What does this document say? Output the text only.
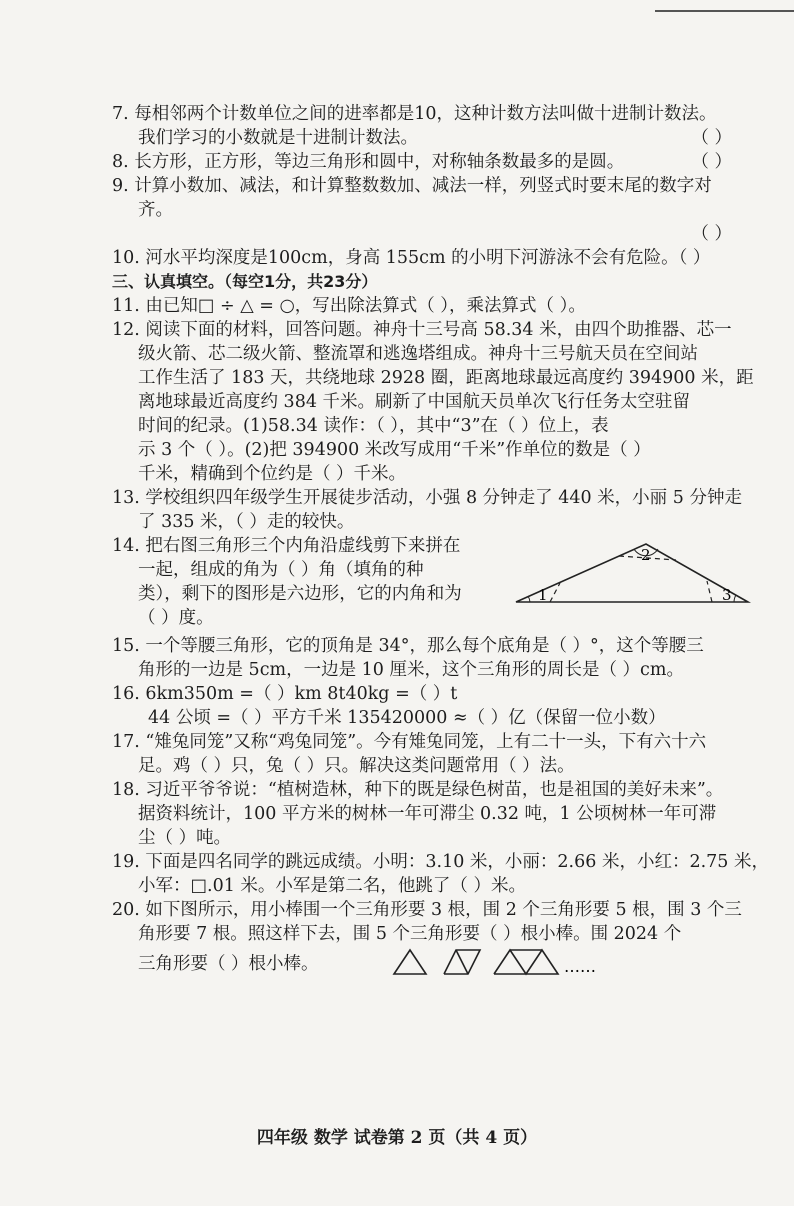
7. 每相邻两个计数单位之间的进率都是10，这种计数方法叫做十进制计数法。
我们学习的小数就是十进制计数法。	（ ）
8. 长方形，正方形，等边三角形和圆中，对称轴条数最多的是圆。	（ ）
9. 计算小数加、减法，和计算整数数加、减法一样，列竖式时要末尾的数字对
齐。
（ ）
10. 河水平均深度是100cm，身高 155cm 的小明下河游泳不会有危险。（ ）
三、认真填空。（每空1分，共23分）
11. 由已知□ ÷ △ = ○，写出除法算式（ ），乘法算式（ ）。
12. 阅读下面的材料，回答问题。神舟十三号高 58.34 米，由四个助推器、芯一
级火箭、芯二级火箭、整流罩和逃逸塔组成。神舟十三号航天员在空间站
工作生活了 183 天，共绕地球 2928 圈，距离地球最远高度约 394900 米，距
离地球最近高度约 384 千米。刷新了中国航天员单次飞行任务太空驻留
时间的纪录。(1)58.34 读作：（ ），其中“3”在（ ）位上，表
示 3 个（ ）。(2)把 394900 米改写成用“千米”作单位的数是（ ）
千米，精确到个位约是（ ）千米。
13. 学校组织四年级学生开展徒步活动，小强 8 分钟走了 440 米，小丽 5 分钟走
了 335 米，（ ）走的较快。
14. 把右图三角形三个内角沿虚线剪下来拼在
一起，组成的角为（ ）角（填角的种
类），剩下的图形是六边形，它的内角和为
（ ）度。
1
2
3
15. 一个等腰三角形，它的顶角是 34°，那么每个底角是（ ）°，这个等腰三
角形的一边是 5cm，一边是 10 厘米，这个三角形的周长是（ ）cm。
16. 6km350m =（ ）km 8t40kg =（ ）t
44 公顷 =（ ）平方千米 135420000 ≈（ ）亿（保留一位小数）
17. “雉兔同笼”又称“鸡兔同笼”。今有雉兔同笼，上有二十一头，下有六十六
足。鸡（ ）只，兔（ ）只。解决这类问题常用（ ）法。
18. 习近平爷爷说：“植树造林，种下的既是绿色树苗，也是祖国的美好未来”。
据资料统计，100 平方米的树林一年可滞尘 0.32 吨，1 公顷树林一年可滞
尘（ ）吨。
19. 下面是四名同学的跳远成绩。小明：3.10 米，小丽：2.66 米，小红：2.75 米，
小军：□.01 米。小军是第二名，他跳了（ ）米。
20. 如下图所示，用小棒围一个三角形要 3 根，围 2 个三角形要 5 根，围 3 个三
角形要 7 根。照这样下去，围 5 个三角形要（ ）根小棒。围 2024 个
三角形要（ ）根小棒。	……
四年级 数学 试卷第 2 页（共 4 页）
